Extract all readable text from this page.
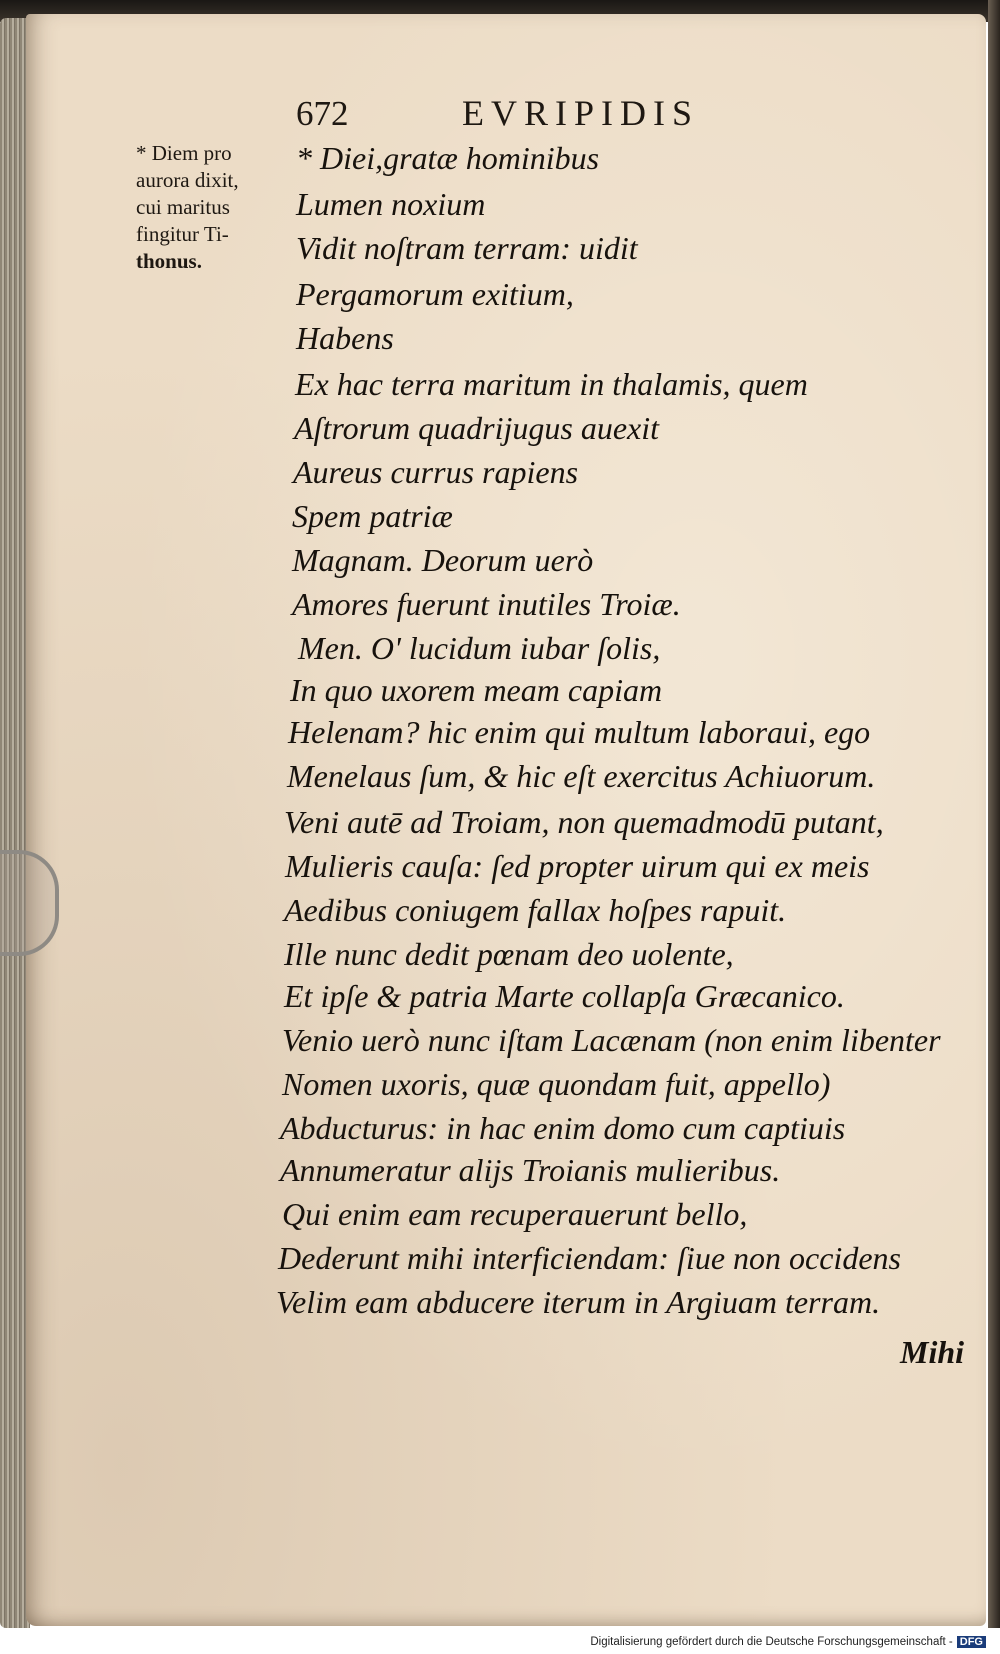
672	EVRIPIDIS
* Diem pro
aurora dixit,
cui maritus
fingitur Ti-
thonus.
* Diei,gratæ hominibus
Lumen noxium
Vidit noſtram terram: uidit
Pergamorum exitium,
Habens
Ex hac terra maritum in thalamis, quem
Aſtrorum quadrijugus auexit
Aureus currus rapiens
Spem patriæ
Magnam. Deorum uerò
Amores fuerunt inutiles Troiæ.
Men. O' lucidum iubar ſolis,
In quo uxorem meam capiam
Helenam? hic enim qui multum laboraui, ego
Menelaus ſum, & hic eſt exercitus Achiuorum.
Veni autē ad Troiam, non quemadmodū putant,
Mulieris cauſa: ſed propter uirum qui ex meis
Aedibus coniugem fallax hoſpes rapuit.
Ille nunc dedit pœnam deo uolente,
Et ipſe & patria Marte collapſa Græcanico.
Venio uerò nunc iſtam Lacænam (non enim libenter
Nomen uxoris, quæ quondam fuit, appello)
Abducturus: in hac enim domo cum captiuis
Annumeratur alijs Troianis mulieribus.
Qui enim eam recuperauerunt bello,
Dederunt mihi interficiendam: ſiue non occidens
Velim eam abducere iterum in Argiuam terram.
Mihi
Digitalisierung gefördert durch die Deutsche Forschungsgemeinschaft - DFG
